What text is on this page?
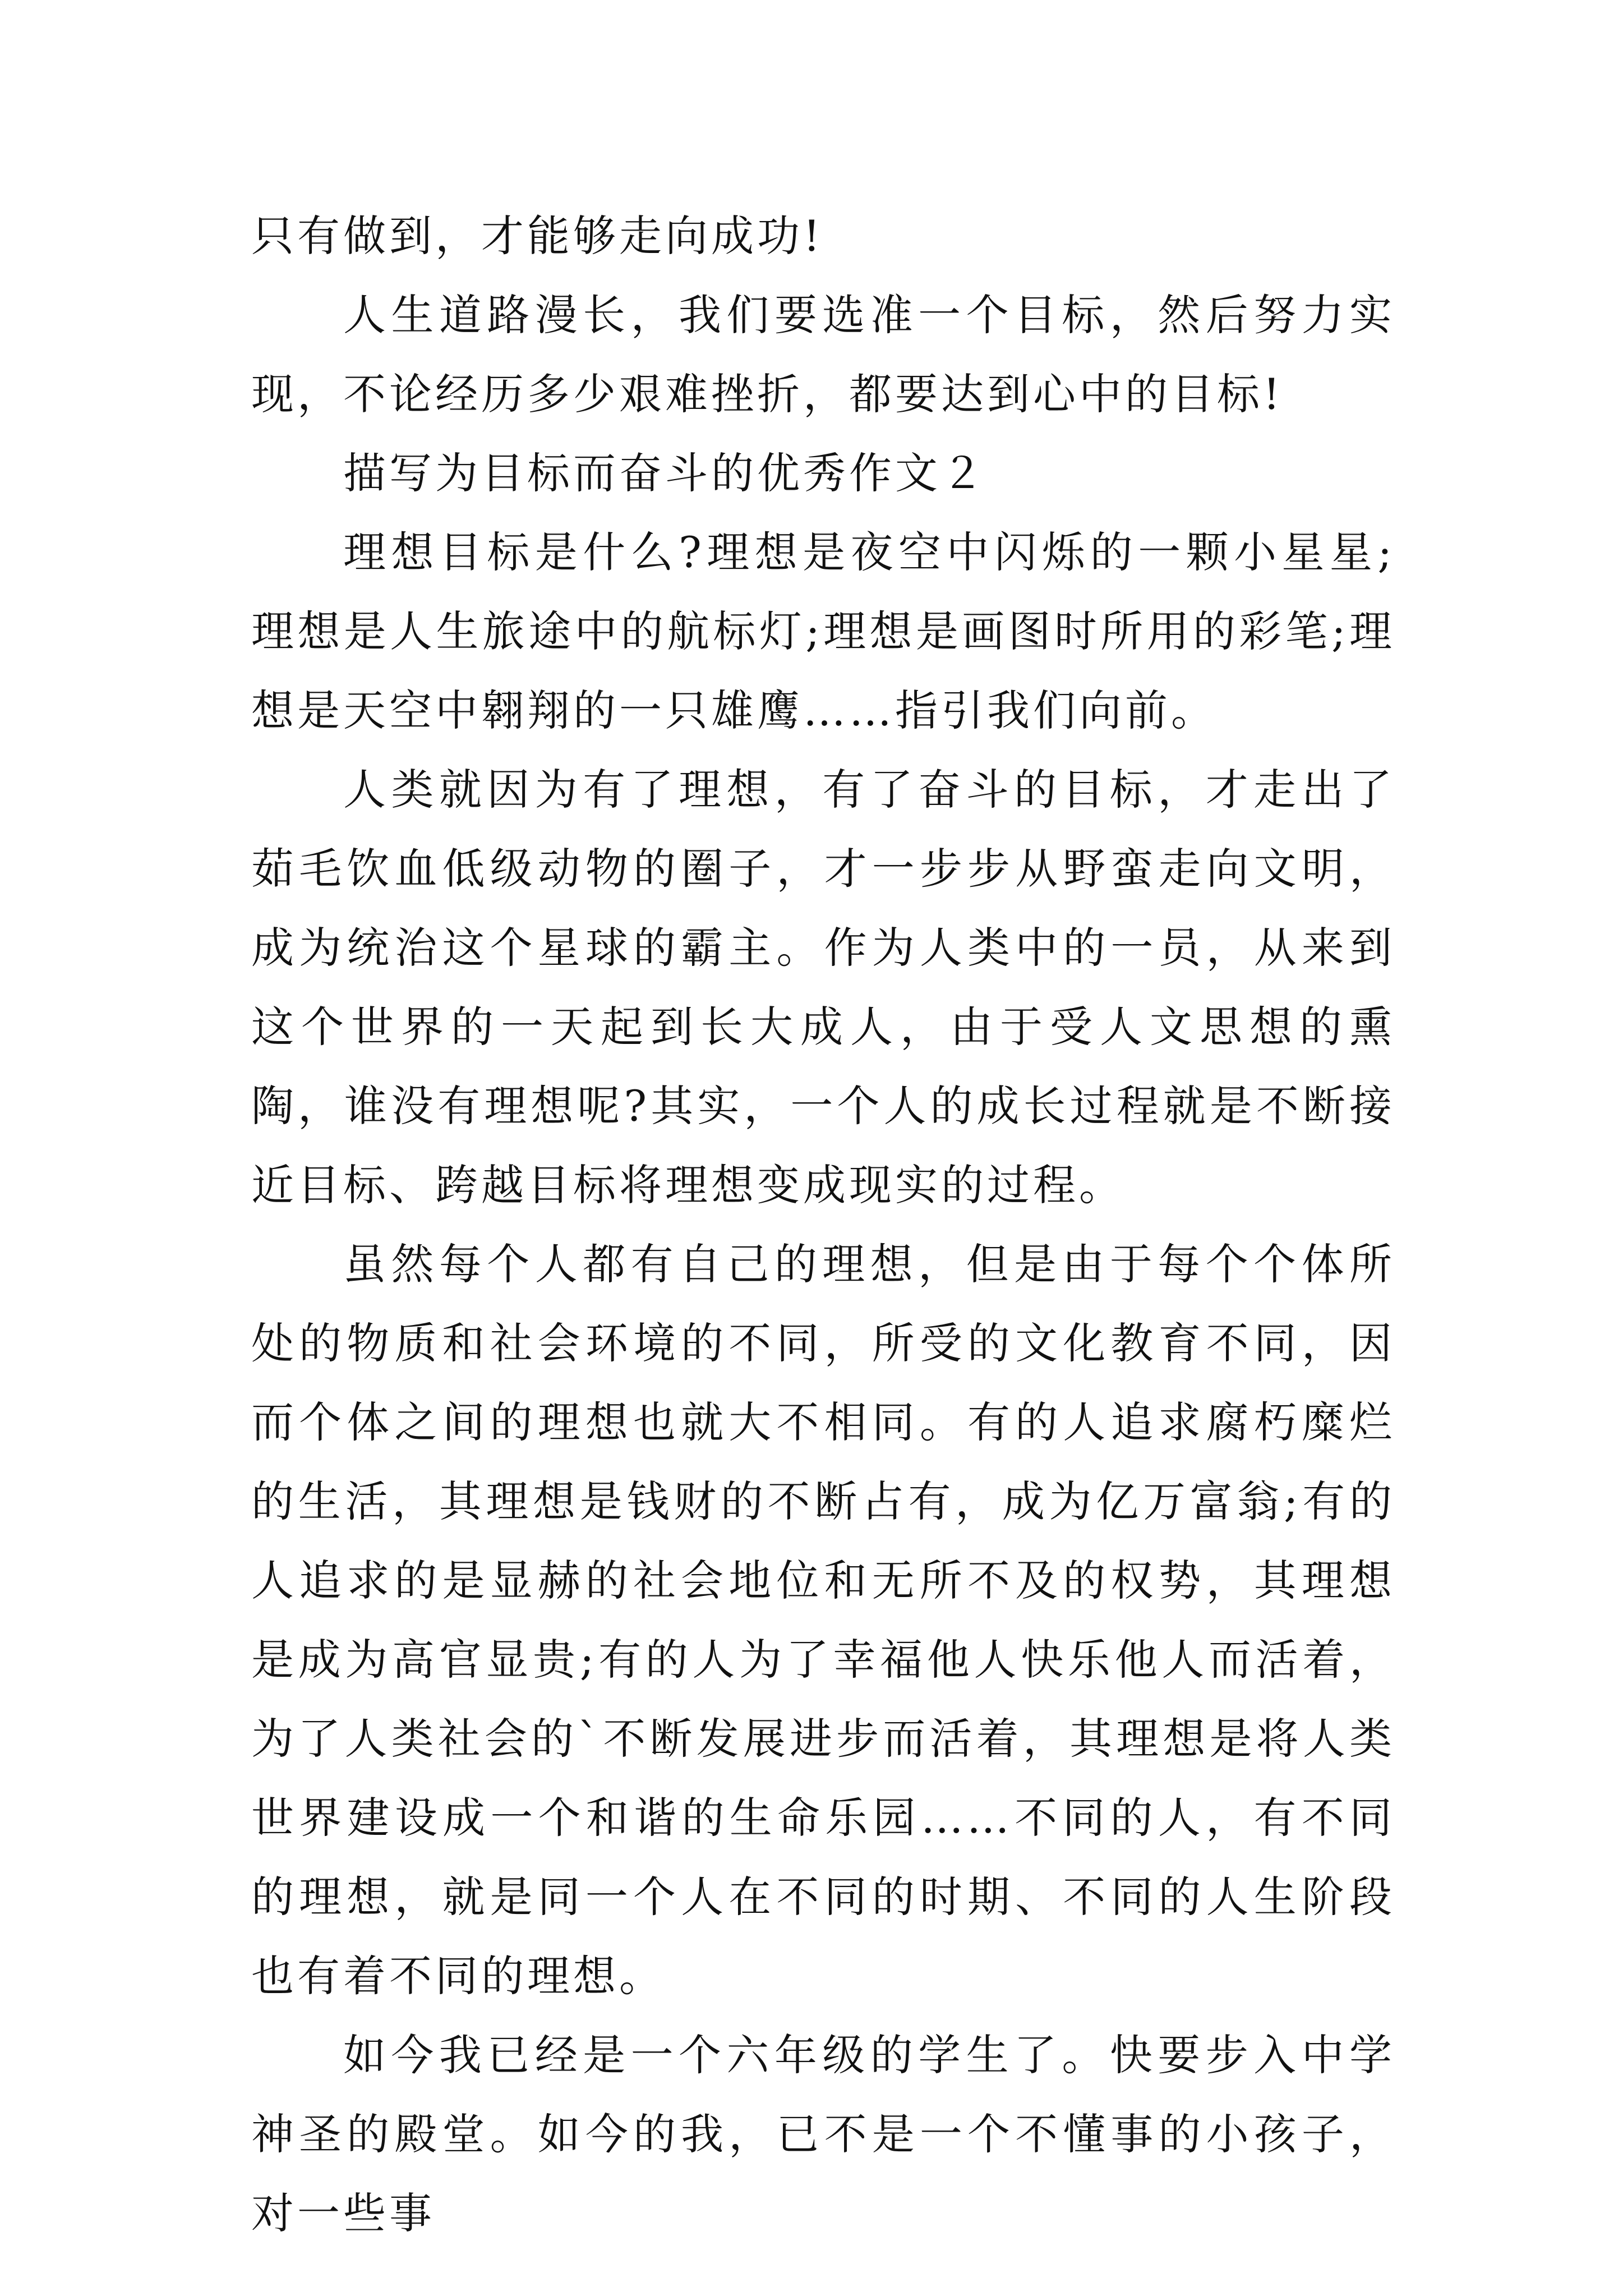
只有做到，才能够走向成功!

人生道路漫长，我们要选准一个目标，然后努力实现，不论经历多少艰难挫折，都要达到心中的目标!

描写为目标而奋斗的优秀作文２

理想目标是什么?理想是夜空中闪烁的一颗小星星;理想是人生旅途中的航标灯;理想是画图时所用的彩笔;理想是天空中翱翔的一只雄鹰……指引我们向前。

人类就因为有了理想，有了奋斗的目标，才走出了茹毛饮血低级动物的圈子，才一步步从野蛮走向文明，成为统治这个星球的霸主。作为人类中的一员，从来到这个世界的一天起到长大成人，由于受人文思想的熏陶，谁没有理想呢?其实，一个人的成长过程就是不断接近目标、跨越目标将理想变成现实的过程。

虽然每个人都有自己的理想，但是由于每个个体所处的物质和社会环境的不同，所受的文化教育不同，因而个体之间的理想也就大不相同。有的人追求腐朽糜烂的生活，其理想是钱财的不断占有，成为亿万富翁;有的人追求的是显赫的社会地位和无所不及的权势，其理想是成为高官显贵;有的人为了幸福他人快乐他人而活着，为了人类社会的`不断发展进步而活着，其理想是将人类世界建设成一个和谐的生命乐园……不同的人，有不同的理想，就是同一个人在不同的时期、不同的人生阶段也有着不同的理想。

如今我已经是一个六年级的学生了。快要步入中学神圣的殿堂。如今的我，已不是一个不懂事的小孩子，对一些事
